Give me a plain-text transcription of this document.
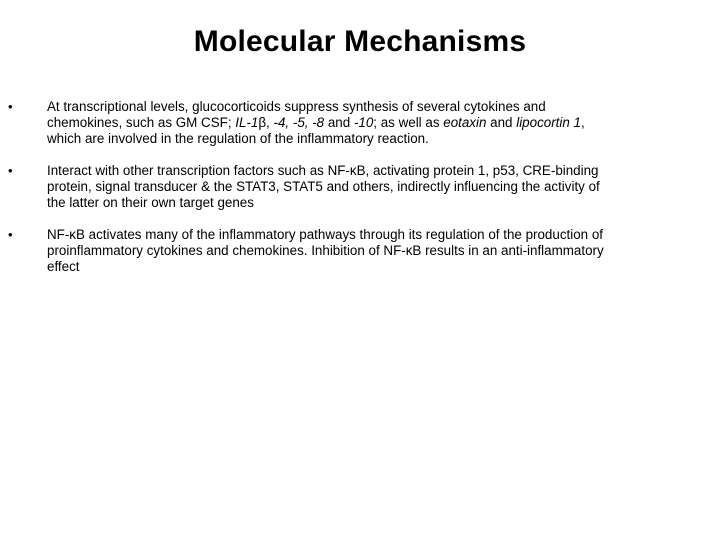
Molecular Mechanisms
•	At transcriptional levels, glucocorticoids suppress synthesis of several cytokines and chemokines, such as GM CSF; IL-1β, -4, -5, -8 and -10; as well as eotaxin and lipocortin 1, which are involved in the regulation of the inflammatory reaction.
•	Interact with other transcription factors such as NF-κB, activating protein 1, p53, CRE-binding protein, signal transducer & the STAT3, STAT5 and others, indirectly influencing the activity of the latter on their own target genes
•	NF-κB activates many of the inflammatory pathways through its regulation of the production of proinflammatory cytokines and chemokines. Inhibition of NF-κB results in an anti-inflammatory effect
